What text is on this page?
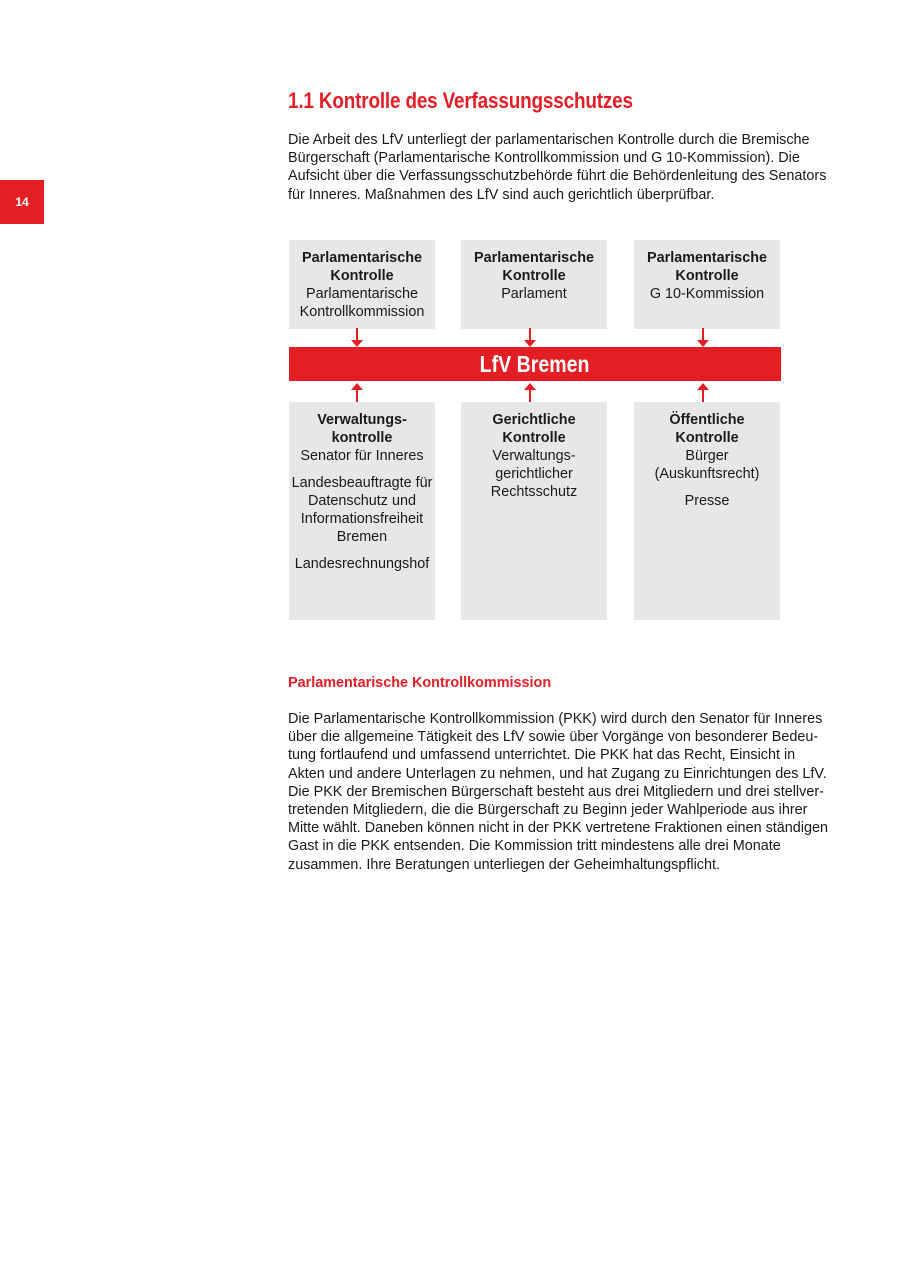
14
1.1 Kontrolle des Verfassungsschutzes

Die Arbeit des LfV unterliegt der parlamentarischen Kontrolle durch die Bremische
Bürgerschaft (Parlamentarische Kontrollkommission und G 10-Kommission). Die
Aufsicht über die Verfassungsschutzbehörde führt die Behördenleitung des Senators
für Inneres. Maßnahmen des LfV sind auch gerichtlich überprüfbar.

Parlamentarische
Kontrolle
Parlamentarische
Kontrollkommission
Parlamentarische
Kontrolle
Parlament
Parlamentarische
Kontrolle
G 10-Kommission
LfV Bremen
Verwaltungs-
kontrolle
Senator für Inneres
Landesbeauftragte für
Datenschutz und
Informationsfreiheit
Bremen
Landesrechnungshof
Gerichtliche
Kontrolle
Verwaltungs-
gerichtlicher
Rechtsschutz
Öffentliche
Kontrolle
Bürger
(Auskunftsrecht)
Presse
Parlamentarische Kontrollkommission

Die Parlamentarische Kontrollkommission (PKK) wird durch den Senator für Inneres
über die allgemeine Tätigkeit des LfV sowie über Vorgänge von besonderer Bedeu-
tung fortlaufend und umfassend unterrichtet. Die PKK hat das Recht, Einsicht in
Akten und andere Unterlagen zu nehmen, und hat Zugang zu Einrichtungen des LfV.
Die PKK der Bremischen Bürgerschaft besteht aus drei Mitgliedern und drei stellver-
tretenden Mitgliedern, die die Bürgerschaft zu Beginn jeder Wahlperiode aus ihrer
Mitte wählt. Daneben können nicht in der PKK vertretene Fraktionen einen ständigen
Gast in die PKK entsenden. Die Kommission tritt mindestens alle drei Monate
zusammen. Ihre Beratungen unterliegen der Geheimhaltungspflicht.
